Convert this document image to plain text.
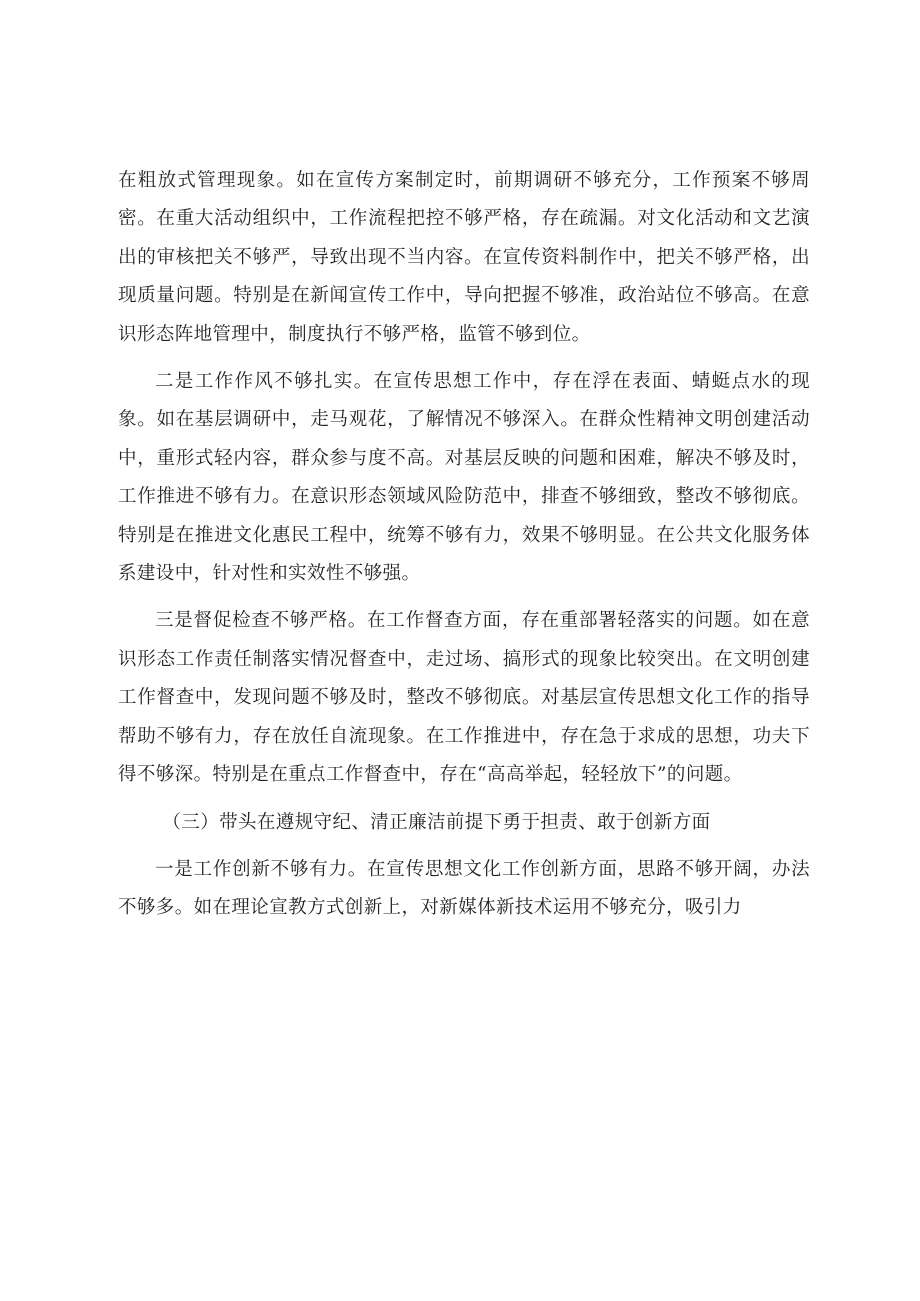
在粗放式管理现象。如在宣传方案制定时，前期调研不够充分，工作预案不够周密。在重大活动组织中，工作流程把控不够严格，存在疏漏。对文化活动和文艺演出的审核把关不够严，导致出现不当内容。在宣传资料制作中，把关不够严格，出现质量问题。特别是在新闻宣传工作中，导向把握不够准，政治站位不够高。在意识形态阵地管理中，制度执行不够严格，监管不够到位。

二是工作作风不够扎实。在宣传思想工作中，存在浮在表面、蜻蜓点水的现象。如在基层调研中，走马观花，了解情况不够深入。在群众性精神文明创建活动中，重形式轻内容，群众参与度不高。对基层反映的问题和困难，解决不够及时，工作推进不够有力。在意识形态领域风险防范中，排查不够细致，整改不够彻底。特别是在推进文化惠民工程中，统筹不够有力，效果不够明显。在公共文化服务体系建设中，针对性和实效性不够强。

三是督促检查不够严格。在工作督查方面，存在重部署轻落实的问题。如在意识形态工作责任制落实情况督查中，走过场、搞形式的现象比较突出。在文明创建工作督查中，发现问题不够及时，整改不够彻底。对基层宣传思想文化工作的指导帮助不够有力，存在放任自流现象。在工作推进中，存在急于求成的思想，功夫下得不够深。特别是在重点工作督查中，存在“高高举起，轻轻放下”的问题。

（三）带头在遵规守纪、清正廉洁前提下勇于担责、敢于创新方面

一是工作创新不够有力。在宣传思想文化工作创新方面，思路不够开阔，办法不够多。如在理论宣教方式创新上，对新媒体新技术运用不够充分，吸引力
